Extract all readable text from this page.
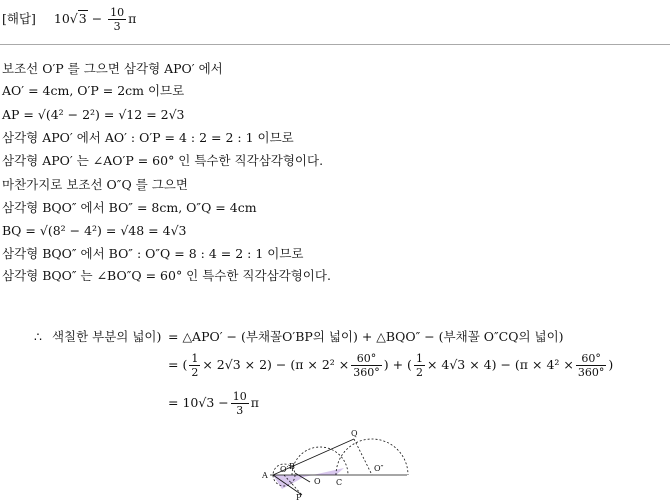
[해답] $10√3 - \frac{10}{3}$ π
보조선 O′P 를 그으면 삼각형 APO′ 에서
AO′ = 4cm, O′P = 2cm 이므로
AP = √(4² − 2²) = √12 = 2√3
삼각형 APO′ 에서 AO′ : O′P = 4 : 2 = 2 : 1 이므로
삼각형 APO′ 는 ∠AO′P = 60° 인 특수한 직각삼각형이다.
마찬가지로 보조선 O″Q 를 그으면
삼각형 BQO″ 에서 BO″ = 8cm, O″Q = 4cm
BQ = √(8² − 4²) = √48 = 4√3
삼각형 BQO″ 에서 BO″ : O″Q = 8 : 4 = 2 : 1 이므로
삼각형 BQO″ 는 ∠BO″Q = 60° 인 특수한 직각삼각형이다.
∴ 색칠한 부분의 넓이) = △APO′ − (부채꼴O′BP의 넓이) + △BQO″ − (부채꼴 O″CQ의 넓이)
= ( $\frac{1}{2} \times 2√3 \times 2) - (\pi \times 2^2 \times \frac{60^\circ}{360^\circ}$ ) + ( $\frac{1}{2} \times 4√3 \times 4) - (\pi \times 4^2 \times \frac{60^\circ}{360^\circ}$ )
= $10√3 - \frac{10}{3}$ π
A
B
O′
O C
O″
P
Q
